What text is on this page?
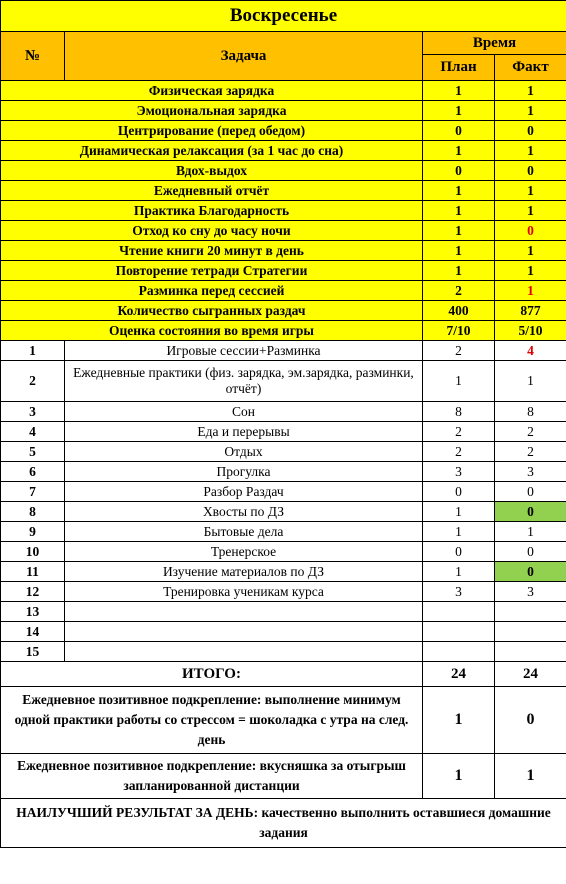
Воскресенье			
№	Задача	Время	
		План	Факт
Физическая зарядка		1	1
Эмоциональная зарядка		1	1
Центрирование (перед обедом)		0	0
Динамическая релаксация (за 1 час до сна)		1	1
Вдох-выдох		0	0
Ежедневный отчёт		1	1
Практика Благодарность		1	1
Отход ко сну до часу ночи		1	0
Чтение книги 20 минут в день		1	1
Повторение тетради Стратегии		1	1
Разминка перед сессией		2	1
Количество сыгранных раздач		400	877
Оценка состояния во время игры		7/10	5/10
1	Игровые сессии+Разминка	2	4
2	Ежедневные практики (физ. зарядка, эм.зарядка, разминки, отчёт)	1	1
3	Сон	8	8
4	Еда и перерывы	2	2
5	Отдых	2	2
6	Прогулка	3	3
7	Разбор Раздач	0	0
8	Хвосты по ДЗ	1	0
9	Бытовые дела	1	1
10	Тренерское	0	0
11	Изучение материалов по ДЗ	1	0
12	Тренировка ученикам курса	3	3
13			
14			
15			
ИТОГО:		24	24
Ежедневное позитивное подкрепление: выполнение минимум одной практики работы со стрессом = шоколадка с утра на след. день		1	0
Ежедневное позитивное подкрепление: вкусняшка за отыгрыш запланированной дистанции		1	1
НАИЛУЧШИЙ РЕЗУЛЬТАТ ЗА ДЕНЬ: качественно выполнить оставшиеся домашние задания			
